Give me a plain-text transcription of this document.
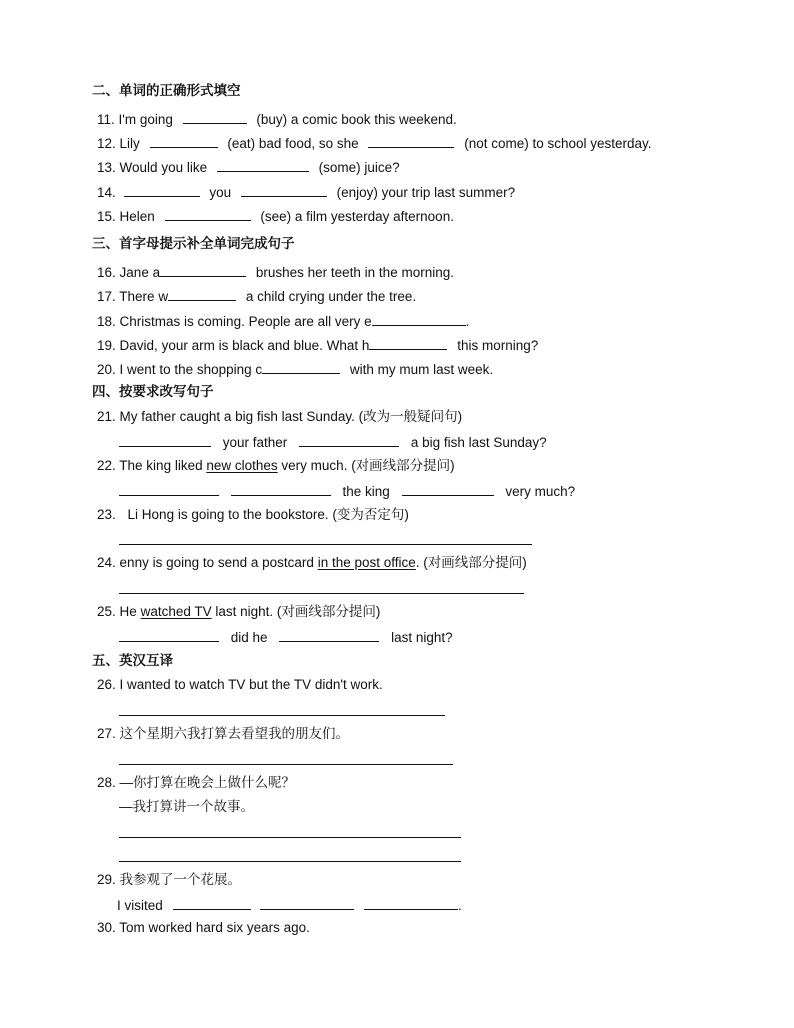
二、单词的正确形式填空
11. I'm going	(buy) a comic book this weekend.
12. Lily	(eat) bad food, so she	(not come) to school yesterday.
13. Would you like	(some) juice?
14.	you	(enjoy) your trip last summer?
15. Helen	(see) a film yesterday afternoon.
三、首字母提示补全单词完成句子
16. Jane a	brushes her teeth in the morning.
17. There w	a child crying under the tree.
18. Christmas is coming. People are all very e	.
19. David, your arm is black and blue. What h	this morning?
20. I went to the shopping c	with my mum last week.
四、按要求改写句子
21. My father caught a big fish last Sunday. (改为一般疑问句)
your father	a big fish last Sunday?
22. The king liked new clothes very much. (对画线部分提问)
the king	very much?
23. Li Hong is going to the bookstore. (变为否定句)
24. enny is going to send a postcard in the post office. (对画线部分提问)
25. He watched TV last night. (对画线部分提问)
did he	last night?
五、英汉互译
26. I wanted to watch TV but the TV didn't work.
27. 这个星期六我打算去看望我的朋友们。
28. —你打算在晚会上做什么呢？
—我打算讲一个故事。
29. 我参观了一个花展。
I visited	.
30. Tom worked hard six years ago.
